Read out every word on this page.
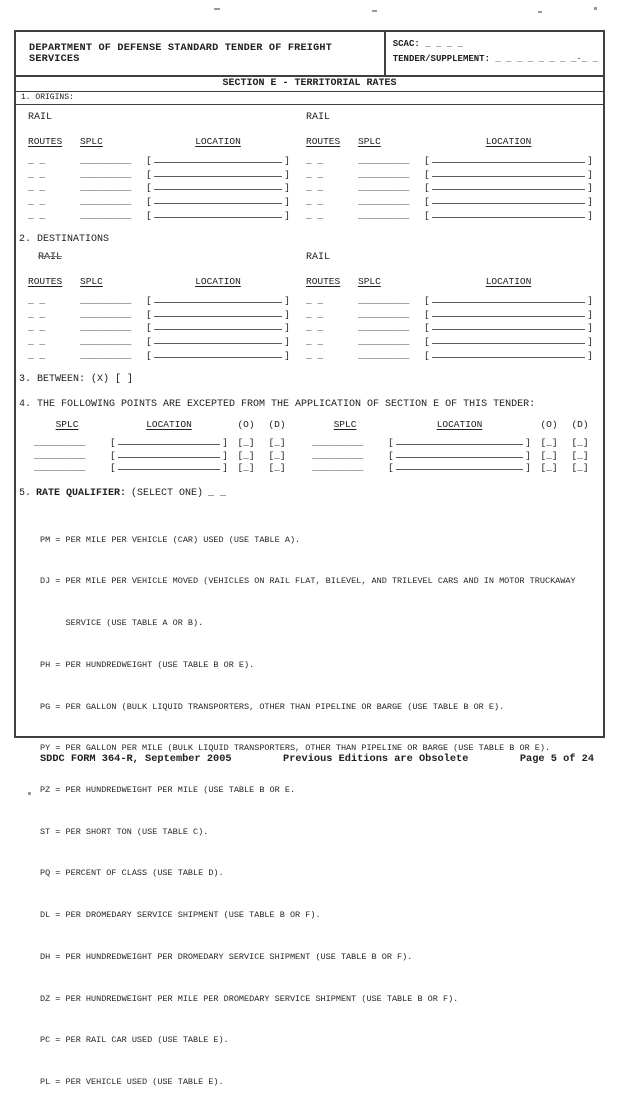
DEPARTMENT OF DEFENSE STANDARD TENDER OF FREIGHT SERVICES
SCAC: _ _ _ _
TENDER/SUPPLEMENT: _ _ _ _ _ _ _ _-_ _
SECTION E - TERRITORIAL RATES
1. ORIGINS:
RAIL
ROUTES	SPLC	LOCATION
_ _	_________	[	]
_ _	_________	[	]
_ _	_________	[	]
_ _	_________	[	]
_ _	_________	[	]
RAIL
ROUTES	SPLC	LOCATION
_ _	_________	[	]
_ _	_________	[	]
_ _	_________	[	]
_ _	_________	[	]
_ _	_________	[	]
2. DESTINATIONS
RAIL
ROUTES	SPLC	LOCATION
_ _	_________	[	]
_ _	_________	[	]
_ _	_________	[	]
_ _	_________	[	]
_ _	_________	[	]
RAIL
ROUTES	SPLC	LOCATION
_ _	_________	[	]
_ _	_________	[	]
_ _	_________	[	]
_ _	_________	[	]
_ _	_________	[	]
3. BETWEEN: (X) [ ]
4. THE FOLLOWING POINTS ARE EXCEPTED FROM THE APPLICATION OF SECTION E OF THIS TENDER:
SPLC	LOCATION	(O)	(D)
_________	[	] [_]	[_]
_________	[	] [_]	[_]
_________	[	] [_]	[_]
SPLC	LOCATION	(O)	(D)
_________	[	] [_]	[_]
_________	[	] [_]	[_]
_________	[	] [_]	[_]
5. RATE QUALIFIER: (SELECT ONE) _ _

PM = PER MILE PER VEHICLE (CAR) USED (USE TABLE A).

DJ = PER MILE PER VEHICLE MOVED (VEHICLES ON RAIL FLAT, BILEVEL, AND TRILEVEL CARS AND IN MOTOR TRUCKAWAY

SERVICE (USE TABLE A OR B).

PH = PER HUNDREDWEIGHT (USE TABLE B OR E).

PG = PER GALLON (BULK LIQUID TRANSPORTERS, OTHER THAN PIPELINE OR BARGE (USE TABLE B OR E).

PY = PER GALLON PER MILE (BULK LIQUID TRANSPORTERS, OTHER THAN PIPELINE OR BARGE (USE TABLE B OR E).

PZ = PER HUNDREDWEIGHT PER MILE (USE TABLE B OR E.

ST = PER SHORT TON (USE TABLE C).

PQ = PERCENT OF CLASS (USE TABLE D).

DL = PER DROMEDARY SERVICE SHIPMENT (USE TABLE B OR F).

DH = PER HUNDREDWEIGHT PER DROMEDARY SERVICE SHIPMENT (USE TABLE B OR F).

DZ = PER HUNDREDWEIGHT PER MILE PER DROMEDARY SERVICE SHIPMENT (USE TABLE B OR F).

PC = PER RAIL CAR USED (USE TABLE E).

PL = PER VEHICLE USED (USE TABLE E).

SDDC FORM 364-R, September 2005	Previous Editions are Obsolete	Page 5 of 24
